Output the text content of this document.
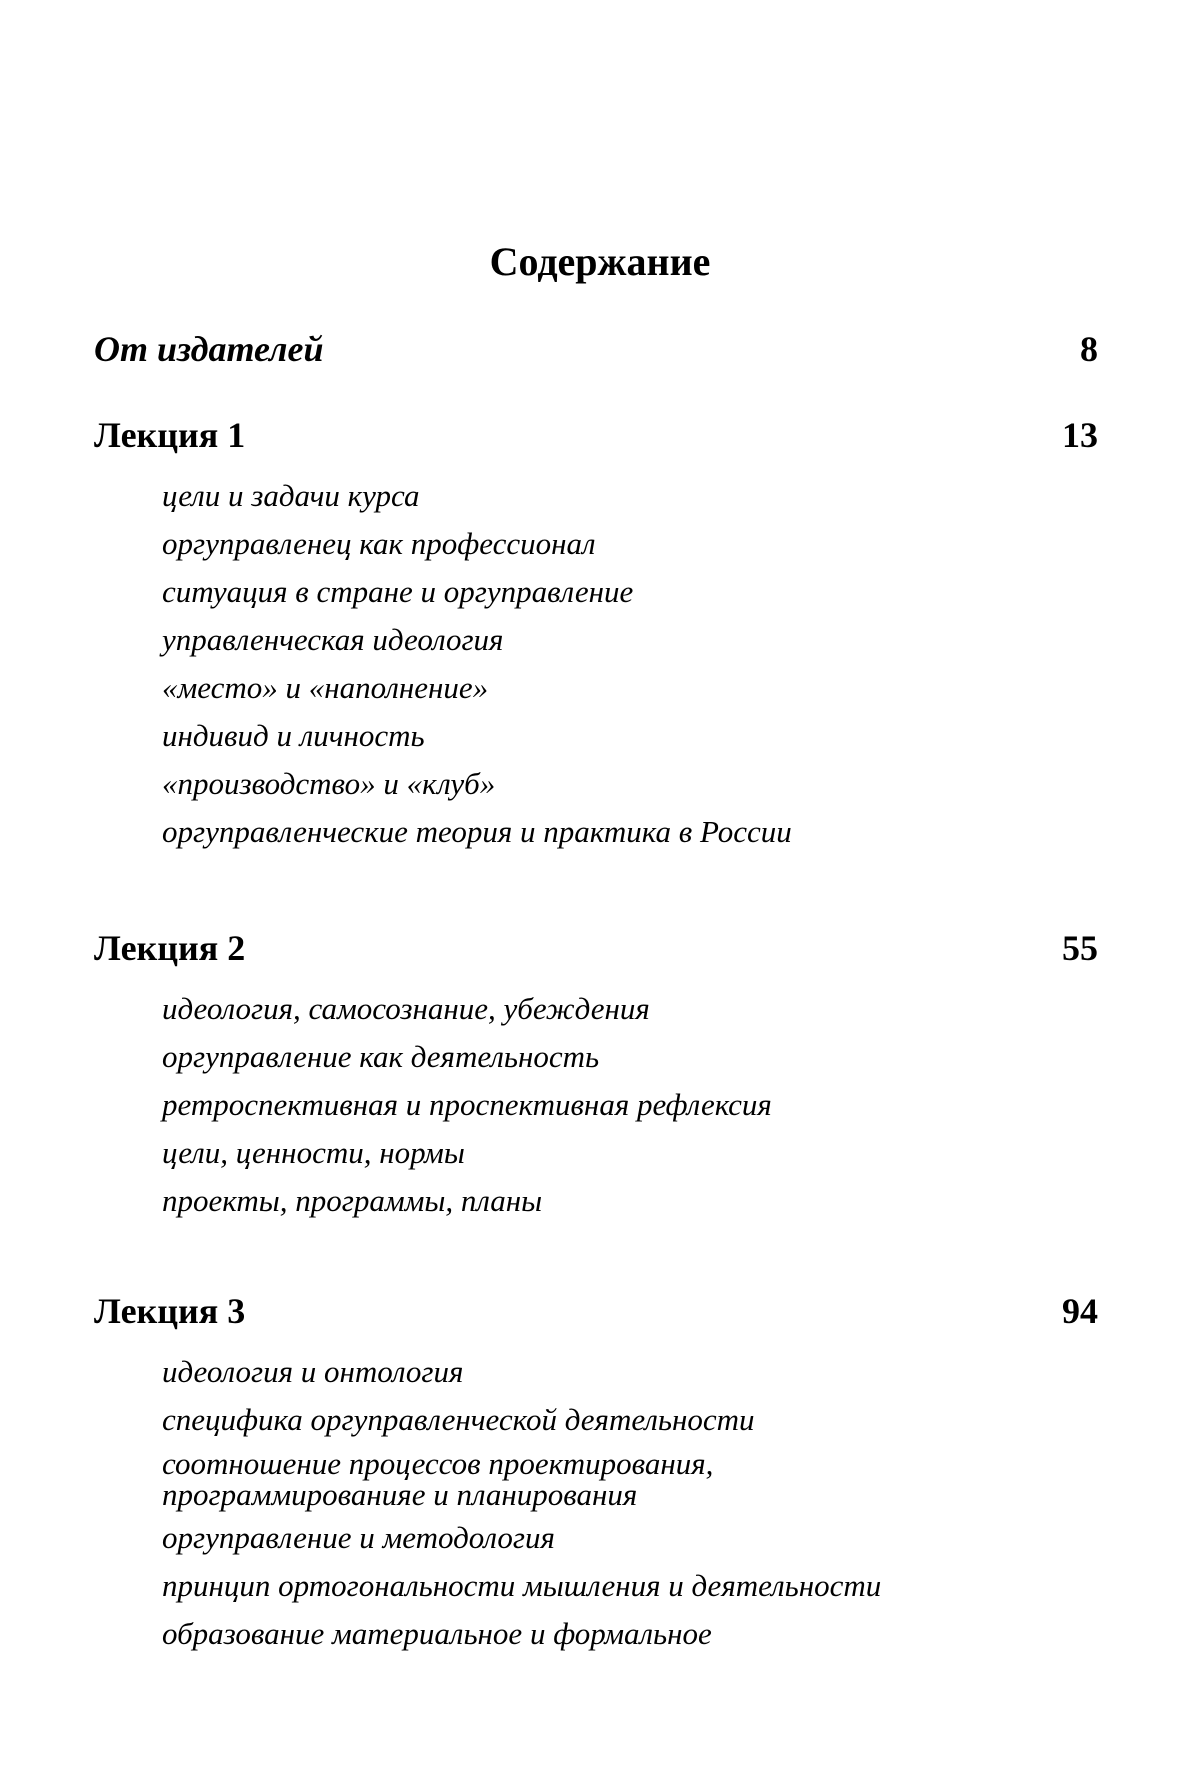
Содержание
От издателей	8
Лекция 1	13
цели и задачи курса
оргуправленец как профессионал
ситуация в стране и оргуправление
управленческая идеология
«место» и «наполнение»
индивид и личность
«производство» и «клуб»
оргуправленческие теория и практика в России
Лекция 2	55
идеология, самосознание, убеждения
оргуправление как деятельность
ретроспективная и проспективная рефлексия
цели, ценности, нормы
проекты, программы, планы
Лекция 3	94
идеология и онтология
специфика оргуправленческой деятельности
соотношение процессов проектирования,
программированияе и планирования
оргуправление и методология
принцип ортогональности мышления и деятельности
образование материальное и формальное
